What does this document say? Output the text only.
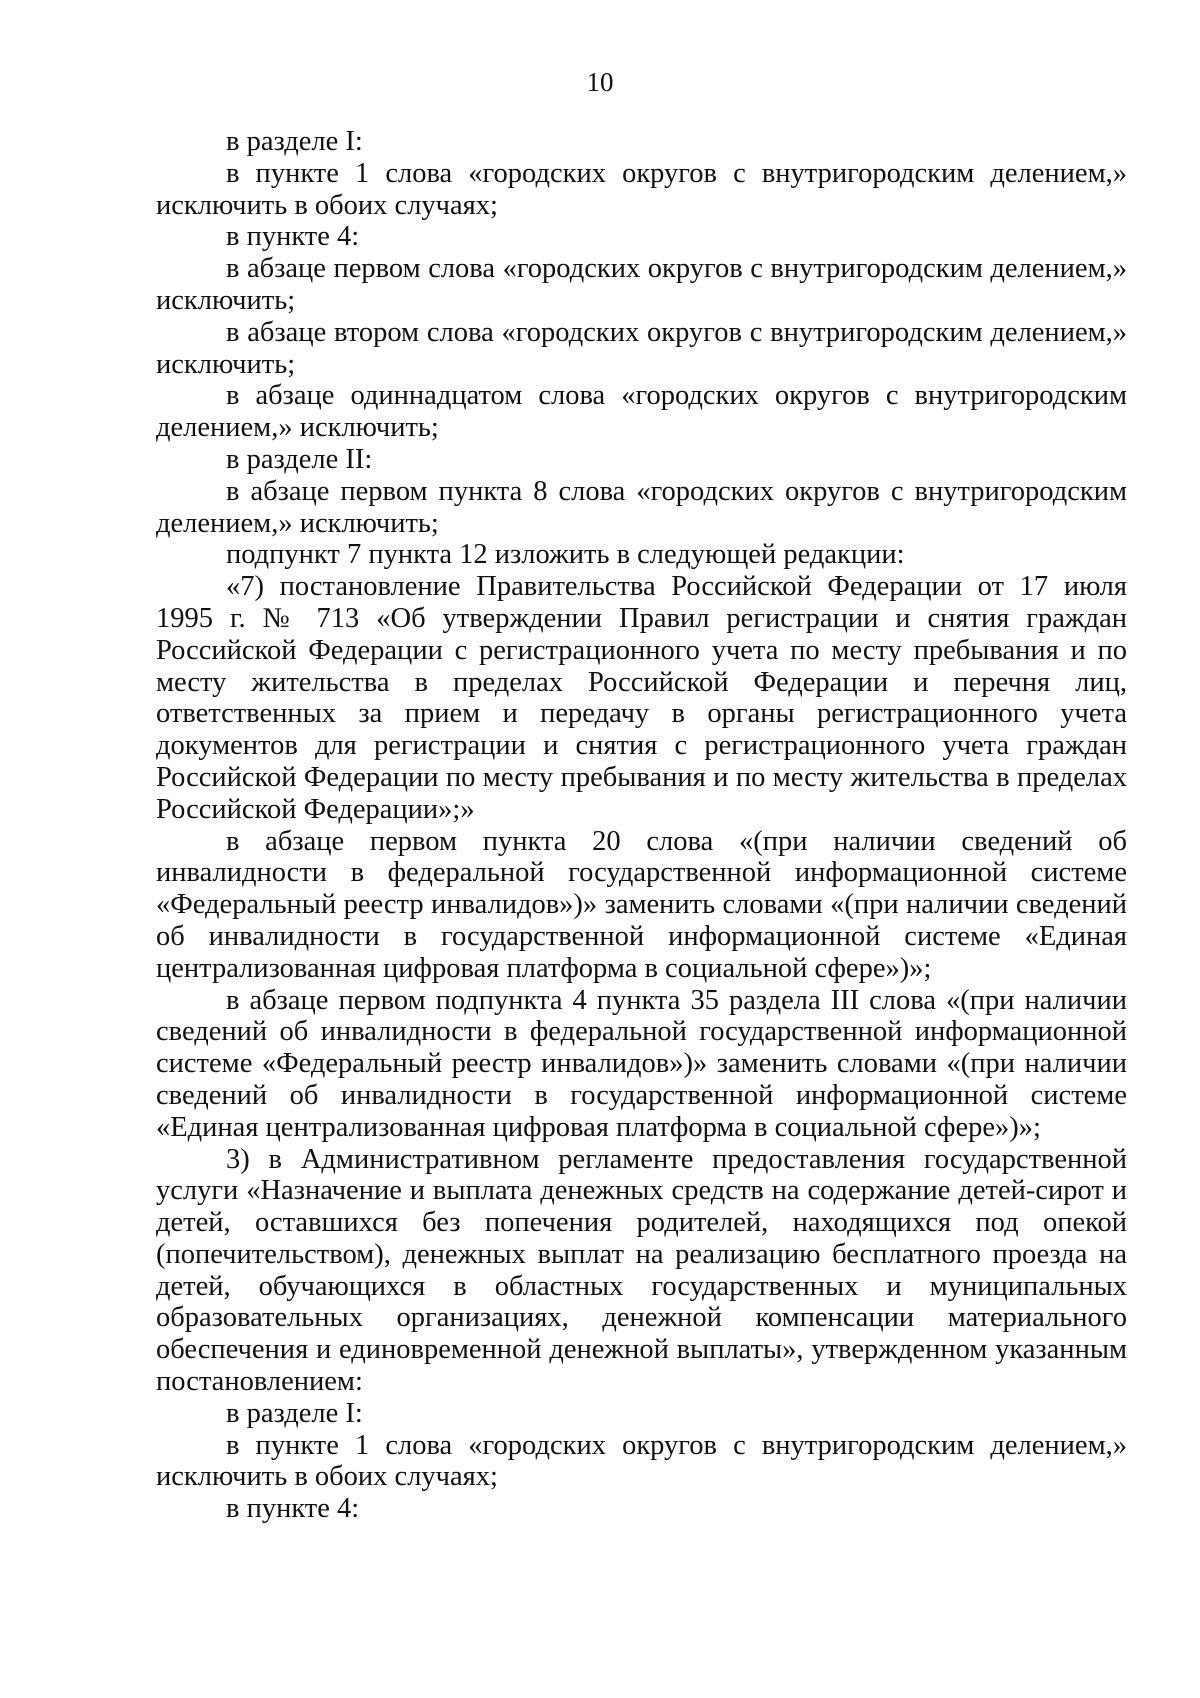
10

в разделе I:

в пункте 1 слова «городских округов с внутригородским делением,» исключить в обоих случаях;

в пункте 4:

в абзаце первом слова «городских округов с внутригородским делением,» исключить;

в абзаце втором слова «городских округов с внутригородским делением,» исключить;

в абзаце одиннадцатом слова «городских округов с внутригородским делением,» исключить;

в разделе II:

в абзаце первом пункта 8 слова «городских округов с внутригородским делением,» исключить;

подпункт 7 пункта 12 изложить в следующей редакции:

«7) постановление Правительства Российской Федерации от 17 июля 1995 г. № 713 «Об утверждении Правил регистрации и снятия граждан Российской Федерации с регистрационного учета по месту пребывания и по месту жительства в пределах Российской Федерации и перечня лиц, ответственных за прием и передачу в органы регистрационного учета документов для регистрации и снятия с регистрационного учета граждан Российской Федерации по месту пребывания и по месту жительства в пределах Российской Федерации»;»

в абзаце первом пункта 20 слова «(при наличии сведений об инвалидности в федеральной государственной информационной системе «Федеральный реестр инвалидов»)» заменить словами «(при наличии сведений об инвалидности в государственной информационной системе «Единая централизованная цифровая платформа в социальной сфере»)»;

в абзаце первом подпункта 4 пункта 35 раздела III слова «(при наличии сведений об инвалидности в федеральной государственной информационной системе «Федеральный реестр инвалидов»)» заменить словами «(при наличии сведений об инвалидности в государственной информационной системе «Единая централизованная цифровая платформа в социальной сфере»)»;

3) в Административном регламенте предоставления государственной услуги «Назначение и выплата денежных средств на содержание детей-сирот и детей, оставшихся без попечения родителей, находящихся под опекой (попечительством), денежных выплат на реализацию бесплатного проезда на детей, обучающихся в областных государственных и муниципальных образовательных организациях, денежной компенсации материального обеспечения и единовременной денежной выплаты», утвержденном указанным постановлением:

в разделе I:

в пункте 1 слова «городских округов с внутригородским делением,» исключить в обоих случаях;

в пункте 4:
